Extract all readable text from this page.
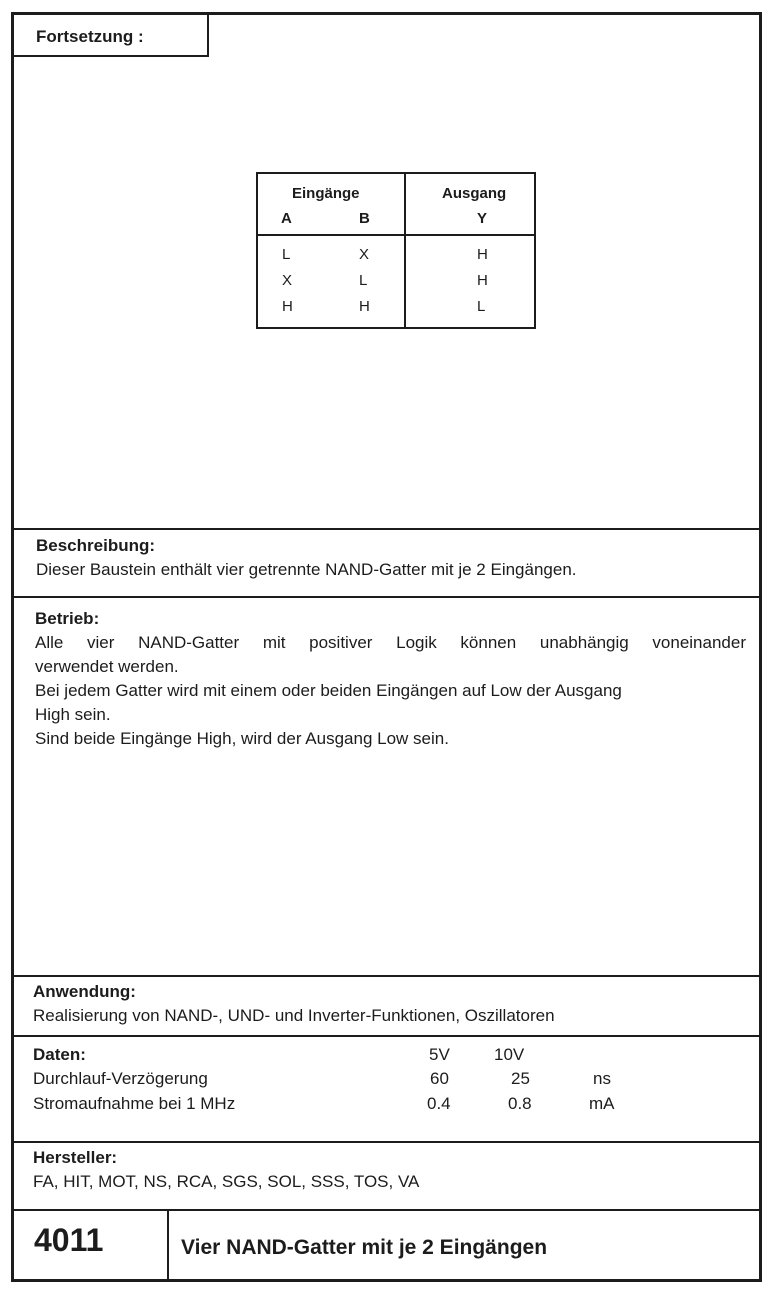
Fortsetzung :
Eingänge	Ausgang
A	B	Y
L	X	H
X	L	H
H	H	L
Beschreibung:
Dieser Baustein enthält vier getrennte NAND-Gatter mit je 2 Eingängen.
Betrieb:
Alle vier NAND-Gatter mit positiver Logik können unabhängig voneinander
verwendet werden.
Bei jedem Gatter wird mit einem oder beiden Eingängen auf Low der Ausgang
High sein.
Sind beide Eingänge High, wird der Ausgang Low sein.
Anwendung:
Realisierung von NAND-, UND- und Inverter-Funktionen, Oszillatoren
Daten:	5V	10V
Durchlauf-Verzögerung	60	25	ns
Stromaufnahme bei 1 MHz	0.4	0.8	mA
Hersteller:
FA, HIT, MOT, NS, RCA, SGS, SOL, SSS, TOS, VA
4011	Vier NAND-Gatter mit je 2 Eingängen
